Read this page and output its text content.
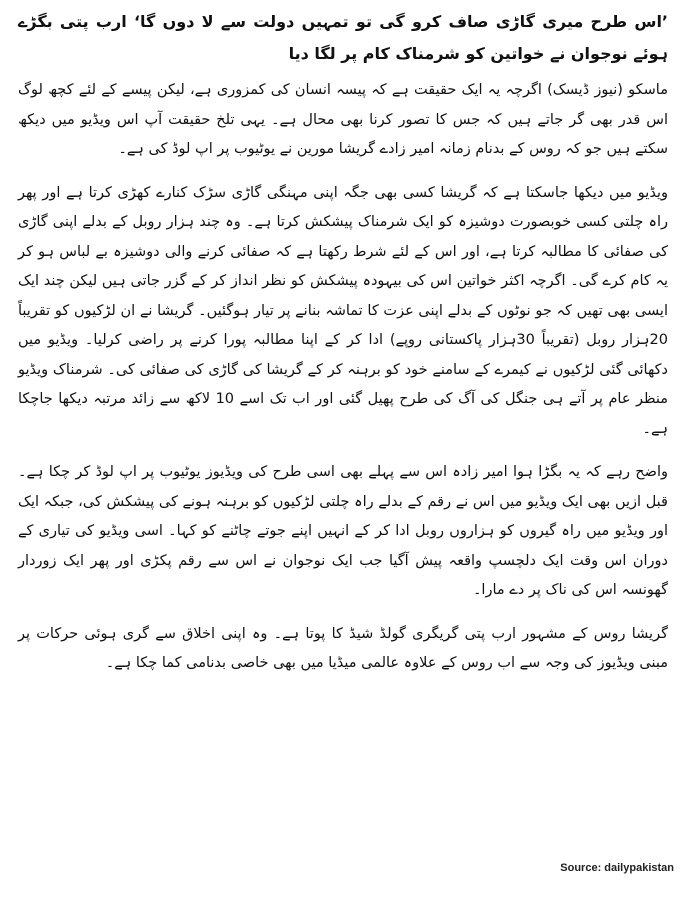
’اس طرح میری گاڑی صاف کرو گی تو تمہیں دولت سے لا دوں گا‘ ارب پتی بگڑے ہوئے نوجوان نے خواتین کو شرمناک کام پر لگا دیا

ماسکو (نیوز ڈیسک) اگرچہ یہ ایک حقیقت ہے کہ پیسہ انسان کی کمزوری ہے، لیکن پیسے کے لئے کچھ لوگ اس قدر بھی گر جاتے ہیں کہ جس کا تصور کرنا بھی محال ہے۔ یہی تلخ حقیقت آپ اس ویڈیو میں دیکھ سکتے ہیں جو کہ روس کے بدنام زمانہ امیر زادے گریشا مورین نے یوٹیوب پر اپ لوڈ کی ہے۔

ویڈیو میں دیکھا جاسکتا ہے کہ گریشا کسی بھی جگہ اپنی مہنگی گاڑی سڑک کنارے کھڑی کرتا ہے اور پھر راہ چلتی کسی خوبصورت دوشیزہ کو ایک شرمناک پیشکش کرتا ہے۔ وہ چند ہزار روبل کے بدلے اپنی گاڑی کی صفائی کا مطالبہ کرتا ہے، اور اس کے لئے شرط رکھتا ہے کہ صفائی کرنے والی دوشیزہ بے لباس ہو کر یہ کام کرے گی۔ اگرچہ اکثر خواتین اس کی بیہودہ پیشکش کو نظر انداز کر کے گزر جاتی ہیں لیکن چند ایک ایسی بھی تھیں کہ جو نوٹوں کے بدلے اپنی عزت کا تماشہ بنانے پر تیار ہوگئیں۔ گریشا نے ان لڑکیوں کو تقریباً 20ہزار روبل (تقریباً 30ہزار پاکستانی روپے) ادا کر کے اپنا مطالبہ پورا کرنے پر راضی کرلیا۔ ویڈیو میں دکھائی گئی لڑکیوں نے کیمرے کے سامنے خود کو برہنہ کر کے گریشا کی گاڑی کی صفائی کی۔ شرمناک ویڈیو منظر عام پر آتے ہی جنگل کی آگ کی طرح پھیل گئی اور اب تک اسے 10 لاکھ سے زائد مرتبہ دیکھا جاچکا ہے۔

واضح رہے کہ یہ بگڑا ہوا امیر زادہ اس سے پہلے بھی اسی طرح کی ویڈیوز یوٹیوب پر اپ لوڈ کر چکا ہے۔ قبل ازیں بھی ایک ویڈیو میں اس نے رقم کے بدلے راہ چلتی لڑکیوں کو برہنہ ہونے کی پیشکش کی، جبکہ ایک اور ویڈیو میں راہ گیروں کو ہزاروں روبل ادا کر کے انہیں اپنے جوتے چاٹنے کو کہا۔ اسی ویڈیو کی تیاری کے دوران اس وقت ایک دلچسپ واقعہ پیش آگیا جب ایک نوجوان نے اس سے رقم پکڑی اور پھر ایک زوردار گھونسہ اس کی ناک پر دے مارا۔

گریشا روس کے مشہور ارب پتی گریگری گولڈ شیڈ کا پوتا ہے۔ وہ اپنی اخلاق سے گری ہوئی حرکات پر مبنی ویڈیوز کی وجہ سے اب روس کے علاوہ عالمی میڈیا میں بھی خاصی بدنامی کما چکا ہے۔

Source: dailypakistan
